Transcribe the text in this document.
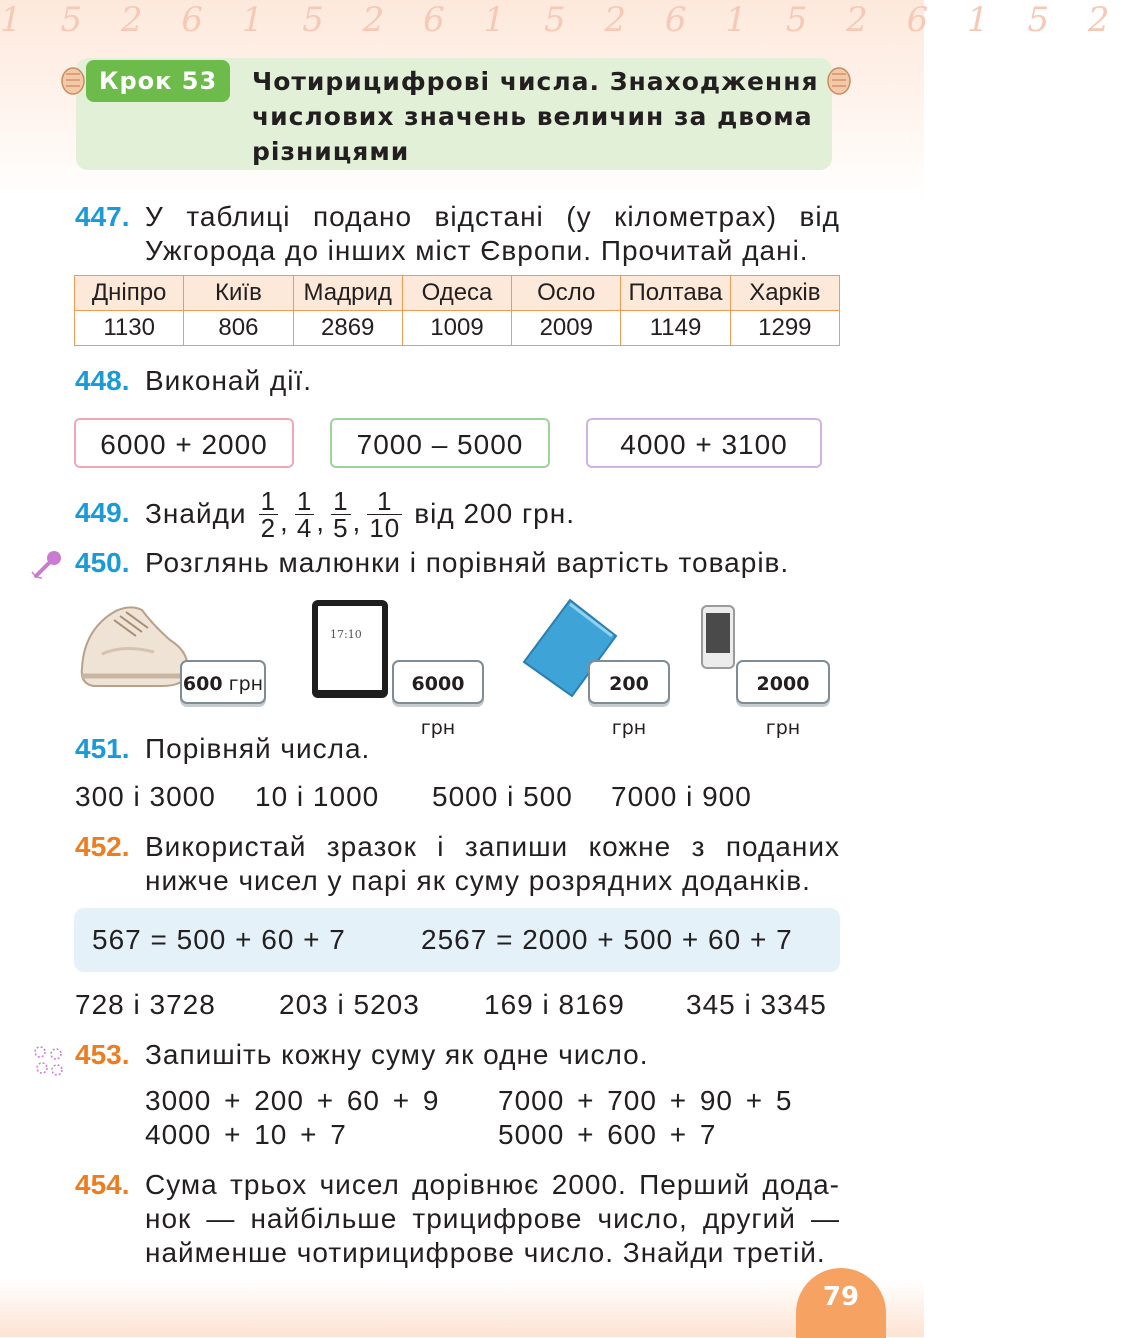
1 5 2 6 1 5 2 6 1 5 2 6 1 5 2 6 1 5 2
Крок 53	Чотирицифрові числа. Знаходження числових значень величин за двома різницями

447. У таблиці подано відстані (у кілометрах) від Ужгорода до інших міст Європи. Прочитай дані.

Дніпро	Київ	Мадрид	Одеса	Осло	Полтава	Харків
1130	806	2869	1009	2009	1149	1299
448. Виконай дії.
6000 + 2000	7000 – 5000	4000 + 3100
449. Знайди $\frac{1}{2}$ , $\frac{1}{4}$ , $\frac{1}{5}$ , $\frac{1}{10}$ від 200 грн.
450. Розглянь малюнки і порівняй вартість товарів.
600 грн
17:10
6000 грн
200 грн
2000 грн
451. Порівняй числа.
300 і 3000 10 і 1000 5000 і 500 7000 і 900
452. Використай зразок і запиши кожне з поданих нижче чисел у парі як суму розрядних доданків.

567 = 500 + 60 + 7	2567 = 2000 + 500 + 60 + 7
728 і 3728 203 і 5203 169 і 8169 345 і 3345
453. Запишіть кожну суму як одне число.
3000 + 200 + 60 + 9 7000 + 700 + 90 + 5
4000 + 10 + 7	5000 + 600 + 7
454. Сума трьох чисел дорівнює 2000. Перший дода-
нок — найбільше трицифрове число, другий —
найменше чотирицифрове число. Знайди третій.
79
